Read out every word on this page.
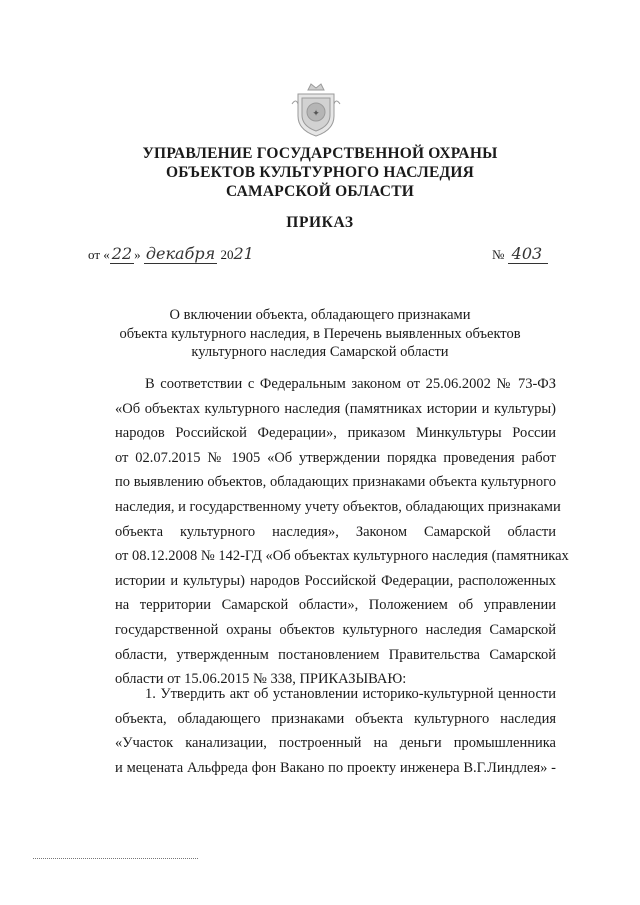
✦
УПРАВЛЕНИЕ ГОСУДАРСТВЕННОЙ ОХРАНЫ
ОБЪЕКТОВ КУЛЬТУРНОГО НАСЛЕДИЯ
САМАРСКОЙ ОБЛАСТИ
ПРИКАЗ
от « 22 » декабря 2021	№ 403
О включении объекта, обладающего признаками
объекта культурного наследия, в Перечень выявленных объектов
культурного наследия Самарской области
В соответствии с Федеральным законом от 25.06.2002 № 73-ФЗ
«Об объектах культурного наследия (памятниках истории и культуры)
народов Российской Федерации», приказом Минкультуры России
от 02.07.2015 № 1905 «Об утверждении порядка проведения работ
по выявлению объектов, обладающих признаками объекта культурного
наследия, и государственному учету объектов, обладающих признаками
объекта культурного наследия», Законом Самарской области
от 08.12.2008 № 142-ГД «Об объектах культурного наследия (памятниках
истории и культуры) народов Российской Федерации, расположенных
на территории Самарской области», Положением об управлении
государственной охраны объектов культурного наследия Самарской
области, утвержденным постановлением Правительства Самарской
области от 15.06.2015 № 338, ПРИКАЗЫВАЮ:
1. Утвердить акт об установлении историко-культурной ценности
объекта, обладающего признаками объекта культурного наследия
«Участок канализации, построенный на деньги промышленника
и мецената Альфреда фон Вакано по проекту инженера В.Г.Линдлея» -
